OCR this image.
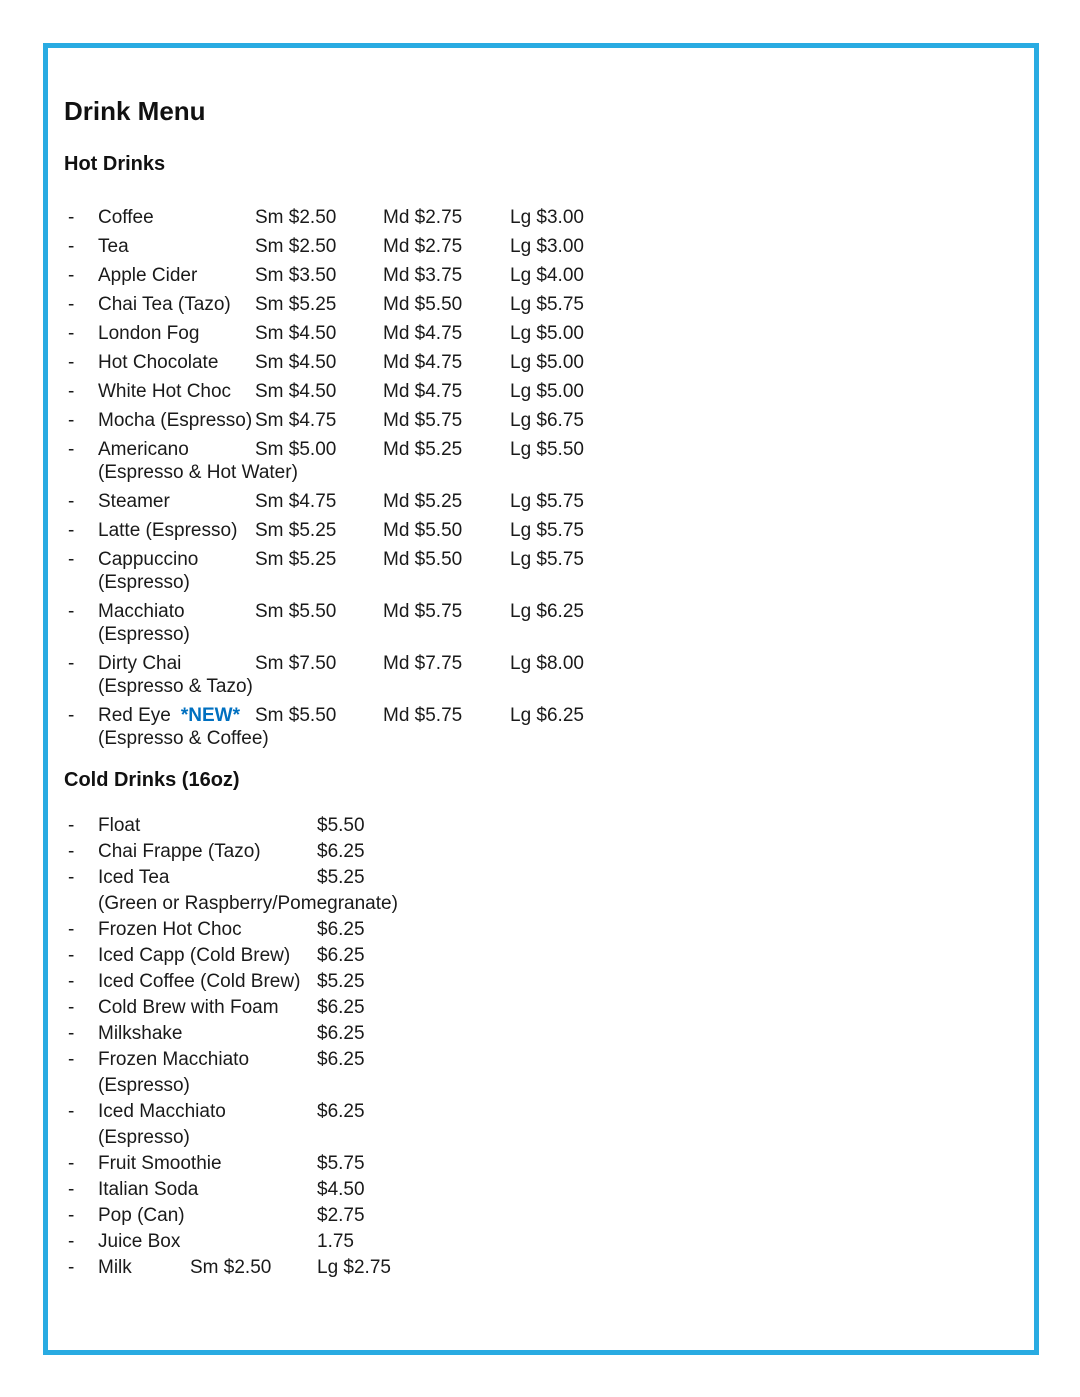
Drink Menu
Hot Drinks
-	Coffee	Sm $2.50	Md $2.75	Lg $3.00
-	Tea	Sm $2.50	Md $2.75	Lg $3.00
-	Apple Cider	Sm $3.50	Md $3.75	Lg $4.00
-	Chai Tea (Tazo)	Sm $5.25	Md $5.50	Lg $5.75
-	London Fog	Sm $4.50	Md $4.75	Lg $5.00
-	Hot Chocolate	Sm $4.50	Md $4.75	Lg $5.00
-	White Hot Choc	Sm $4.50	Md $4.75	Lg $5.00
-	Mocha (Espresso) Sm $4.75	Md $5.75	Lg $6.75
-	Americano	Sm $5.00	Md $5.25	Lg $5.50
(Espresso & Hot Water)
-	Steamer	Sm $4.75	Md $5.25	Lg $5.75
-	Latte (Espresso) Sm $5.25	Md $5.50	Lg $5.75
-	Cappuccino	Sm $5.25	Md $5.50	Lg $5.75
(Espresso)
-	Macchiato	Sm $5.50	Md $5.75	Lg $6.25
(Espresso)
-	Dirty Chai	Sm $7.50	Md $7.75	Lg $8.00
(Espresso & Tazo)
-	Red Eye *NEW* Sm $5.50	Md $5.75	Lg $6.25
(Espresso & Coffee)
Cold Drinks (16oz)
-	Float	$5.50
-	Chai Frappe (Tazo)	$6.25
-	Iced Tea	$5.25
(Green or Raspberry/Pomegranate)
-	Frozen Hot Choc	$6.25
-	Iced Capp (Cold Brew)	$6.25
-	Iced Coffee (Cold Brew) $5.25
-	Cold Brew with Foam	$6.25
-	Milkshake	$6.25
-	Frozen Macchiato	$6.25
(Espresso)
-	Iced Macchiato	$6.25
(Espresso)
-	Fruit Smoothie	$5.75
-	Italian Soda	$4.50
-	Pop (Can)	$2.75
-	Juice Box	1.75
-	Milk	Sm $2.50	Lg $2.75
